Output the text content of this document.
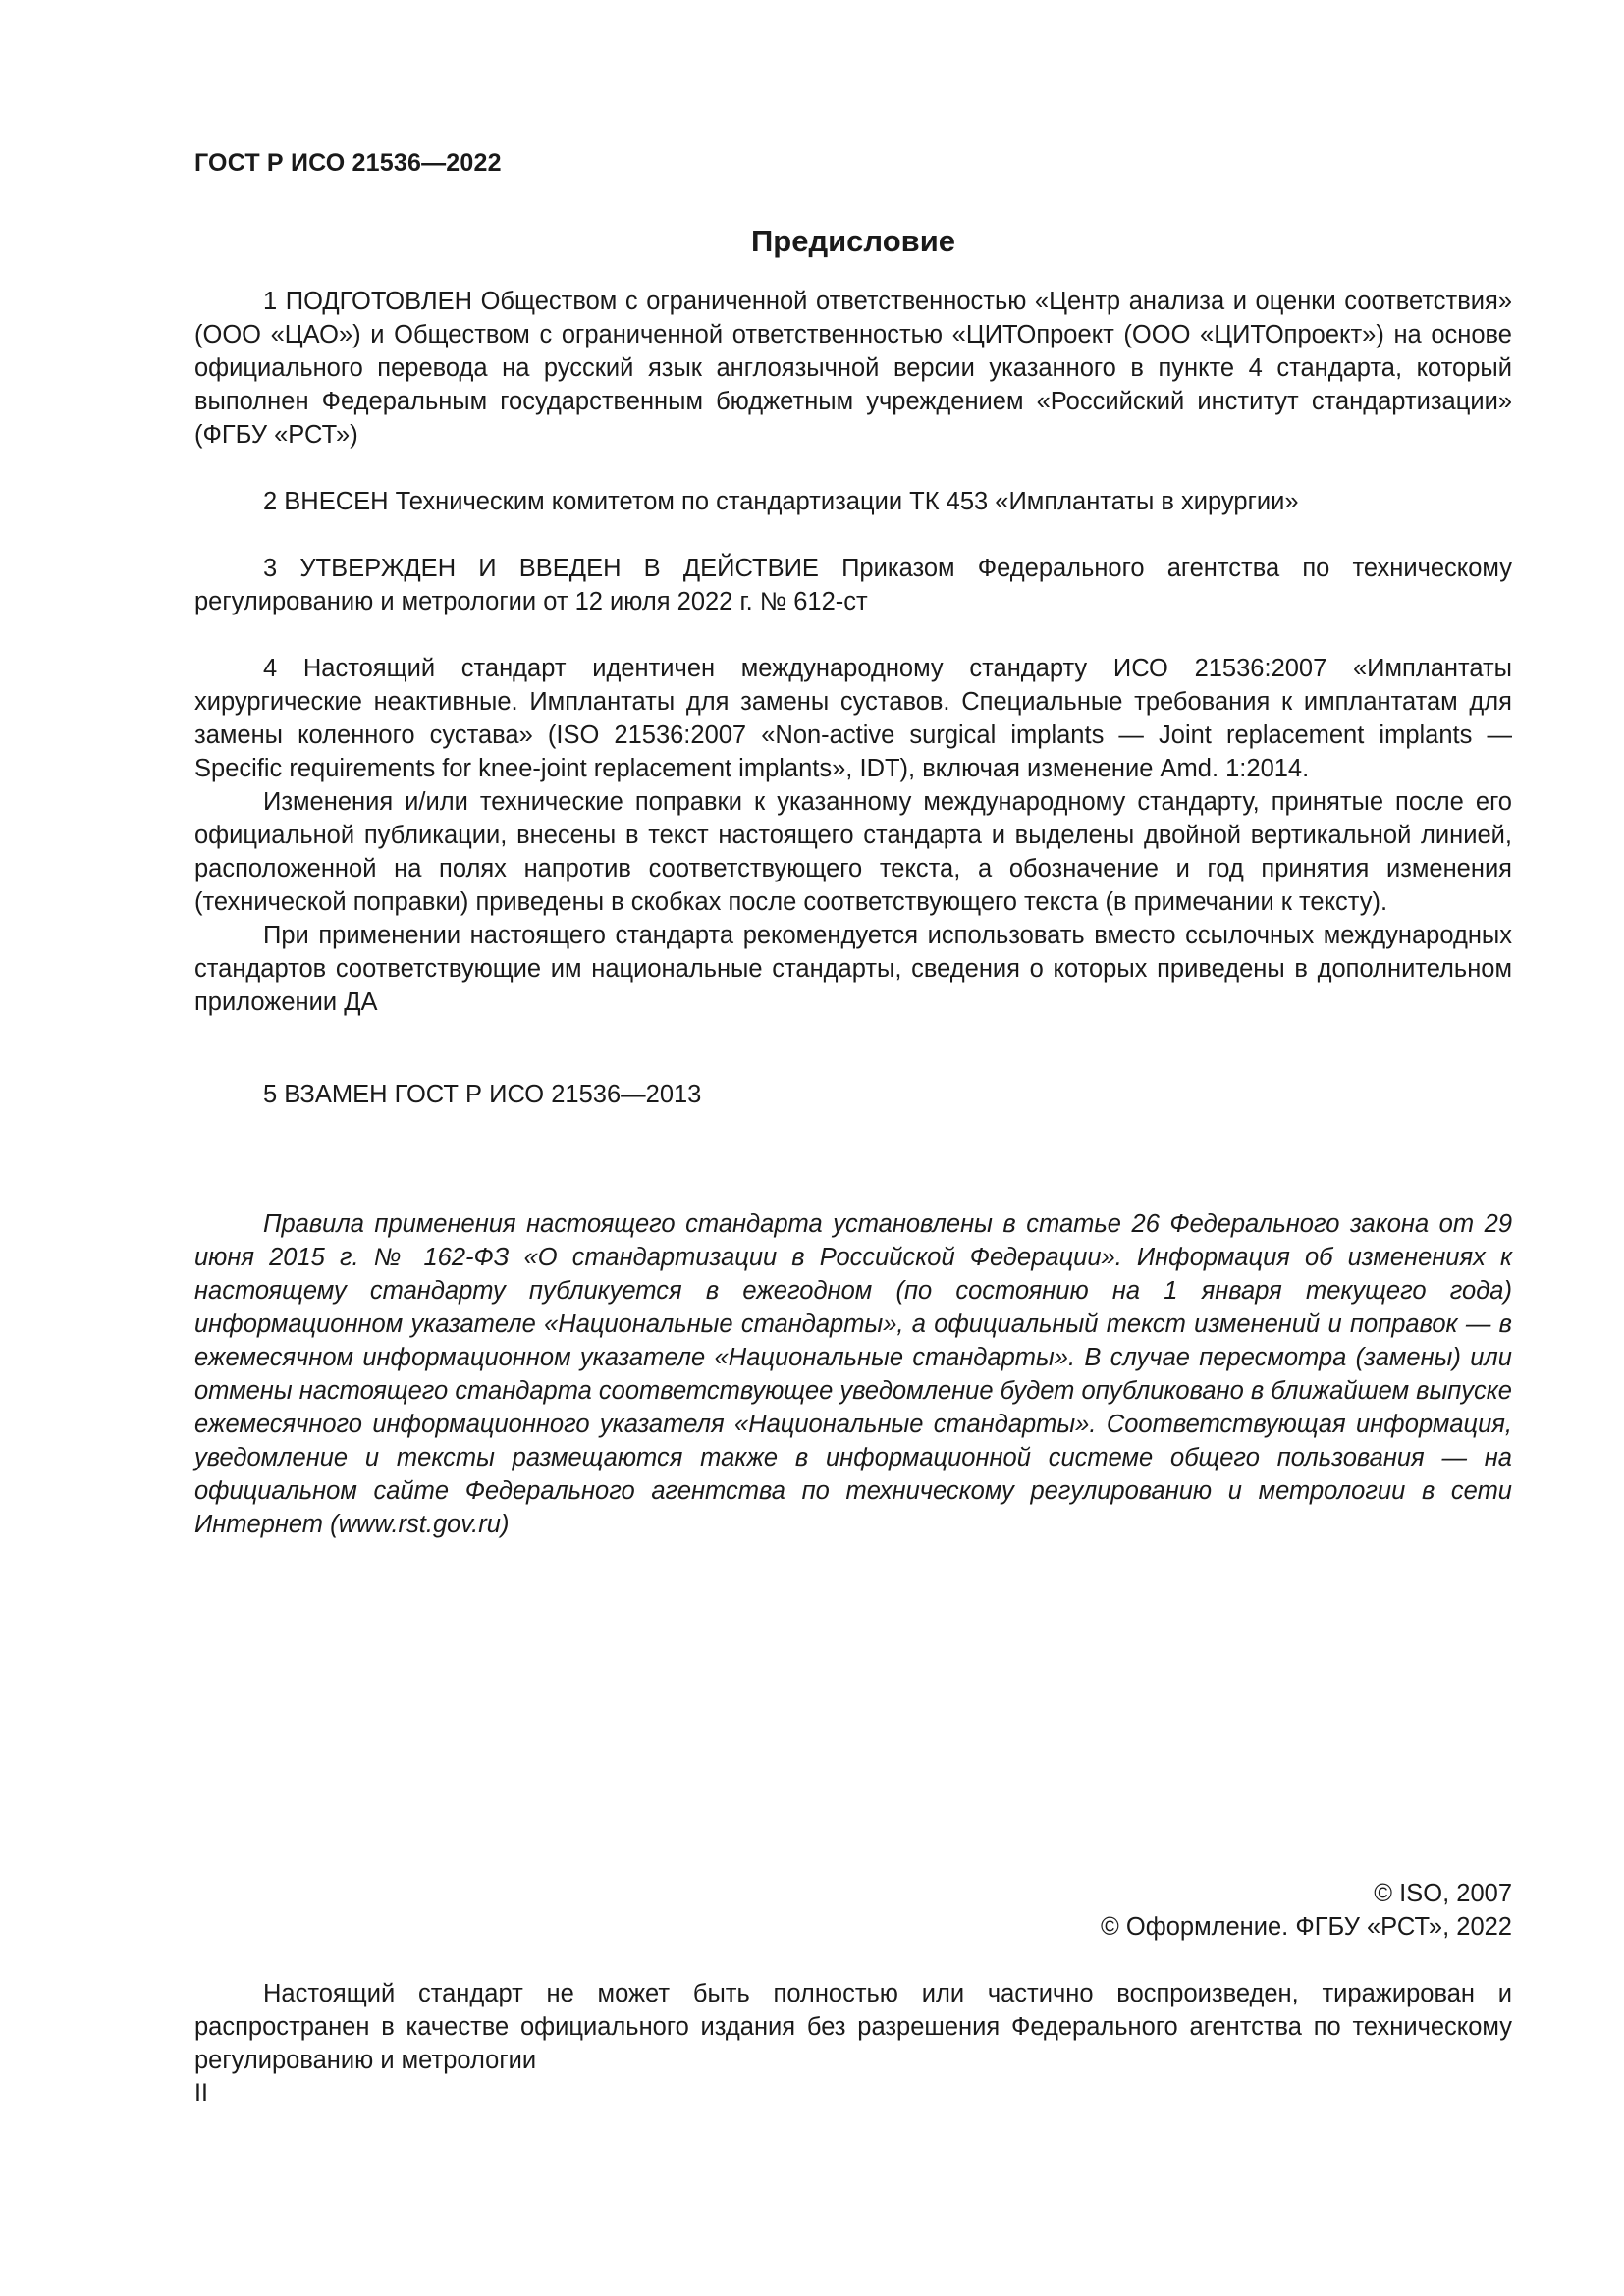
ГОСТ Р ИСО 21536—2022
Предисловие

1 ПОДГОТОВЛЕН Обществом с ограниченной ответственностью «Центр анализа и оценки соответствия» (ООО «ЦАО») и Обществом с ограниченной ответственностью «ЦИТОпроект (ООО «ЦИТОпроект») на основе официального перевода на русский язык англоязычной версии указанного в пункте 4 стандарта, который выполнен Федеральным государственным бюджетным учреждением «Российский институт стандартизации» (ФГБУ «РСТ»)

2 ВНЕСЕН Техническим комитетом по стандартизации ТК 453 «Имплантаты в хирургии»

3 УТВЕРЖДЕН И ВВЕДЕН В ДЕЙСТВИЕ Приказом Федерального агентства по техническому регулированию и метрологии от 12 июля 2022 г. № 612-ст

4 Настоящий стандарт идентичен международному стандарту ИСО 21536:2007 «Имплантаты хирургические неактивные. Имплантаты для замены суставов. Специальные требования к имплантатам для замены коленного сустава» (ISO 21536:2007 «Non-active surgical implants — Joint replacement implants — Specific requirements for knee-joint replacement implants», IDT), включая изменение Amd. 1:2014.

Изменения и/или технические поправки к указанному международному стандарту, принятые после его официальной публикации, внесены в текст настоящего стандарта и выделены двойной вертикальной линией, расположенной на полях напротив соответствующего текста, а обозначение и год принятия изменения (технической поправки) приведены в скобках после соответствующего текста (в примечании к тексту).

При применении настоящего стандарта рекомендуется использовать вместо ссылочных международных стандартов соответствующие им национальные стандарты, сведения о которых приведены в дополнительном приложении ДА

5 ВЗАМЕН ГОСТ Р ИСО 21536—2013

Правила применения настоящего стандарта установлены в статье 26 Федерального закона от 29 июня 2015 г. № 162-ФЗ «О стандартизации в Российской Федерации». Информация об изменениях к настоящему стандарту публикуется в ежегодном (по состоянию на 1 января текущего года) информационном указателе «Национальные стандарты», а официальный текст изменений и поправок — в ежемесячном информационном указателе «Национальные стандарты». В случае пересмотра (замены) или отмены настоящего стандарта соответствующее уведомление будет опубликовано в ближайшем выпуске ежемесячного информационного указателя «Национальные стандарты». Соответствующая информация, уведомление и тексты размещаются также в информационной системе общего пользования — на официальном сайте Федерального агентства по техническому регулированию и метрологии в сети Интернет (www.rst.gov.ru)

© ISO, 2007
© Оформление. ФГБУ «РСТ», 2022

Настоящий стандарт не может быть полностью или частично воспроизведен, тиражирован и распространен в качестве официального издания без разрешения Федерального агентства по техническому регулированию и метрологии

II
